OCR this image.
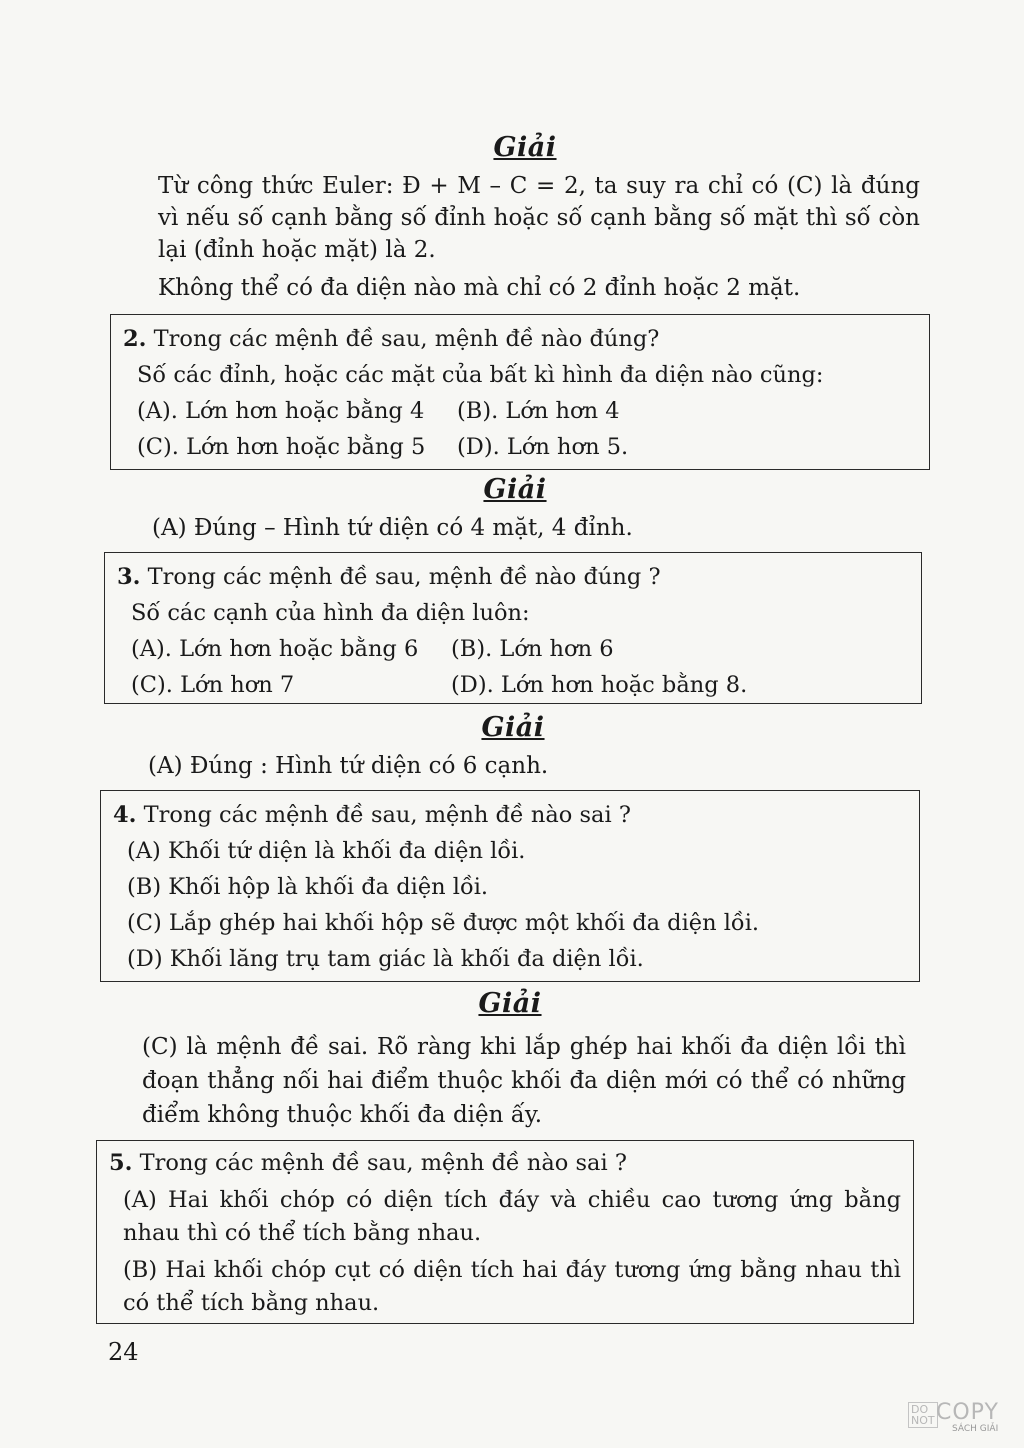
Giải
Từ công thức Euler: Đ + M – C = 2, ta suy ra chỉ có (C) là đúng vì nếu số cạnh bằng số đỉnh hoặc số cạnh bằng số mặt thì số còn lại (đỉnh hoặc mặt) là 2.
Không thể có đa diện nào mà chỉ có 2 đỉnh hoặc 2 mặt.
2. Trong các mệnh đề sau, mệnh đề nào đúng?
Số các đỉnh, hoặc các mặt của bất kì hình đa diện nào cũng:
(A). Lớn hơn hoặc bằng 4	(B). Lớn hơn 4
(C). Lớn hơn hoặc bằng 5	(D). Lớn hơn 5.
Giải
(A) Đúng – Hình tứ diện có 4 mặt, 4 đỉnh.
3. Trong các mệnh đề sau, mệnh đề nào đúng ?
Số các cạnh của hình đa diện luôn:
(A). Lớn hơn hoặc bằng 6	(B). Lớn hơn 6
(C). Lớn hơn 7	(D). Lớn hơn hoặc bằng 8.
Giải
(A) Đúng : Hình tứ diện có 6 cạnh.
4. Trong các mệnh đề sau, mệnh đề nào sai ?
(A) Khối tứ diện là khối đa diện lồi.
(B) Khối hộp là khối đa diện lồi.
(C) Lắp ghép hai khối hộp sẽ được một khối đa diện lồi.
(D) Khối lăng trụ tam giác là khối đa diện lồi.
Giải
(C) là mệnh đề sai. Rõ ràng khi lắp ghép hai khối đa diện lồi thì đoạn thẳng nối hai điểm thuộc khối đa diện mới có thể có những điểm không thuộc khối đa diện ấy.
5. Trong các mệnh đề sau, mệnh đề nào sai ?
(A) Hai khối chóp có diện tích đáy và chiều cao tương ứng bằng nhau thì có thể tích bằng nhau.
(B) Hai khối chóp cụt có diện tích hai đáy tương ứng bằng nhau thì có thể tích bằng nhau.
24
DO
NOT COPY
SÁCH GIẢI
